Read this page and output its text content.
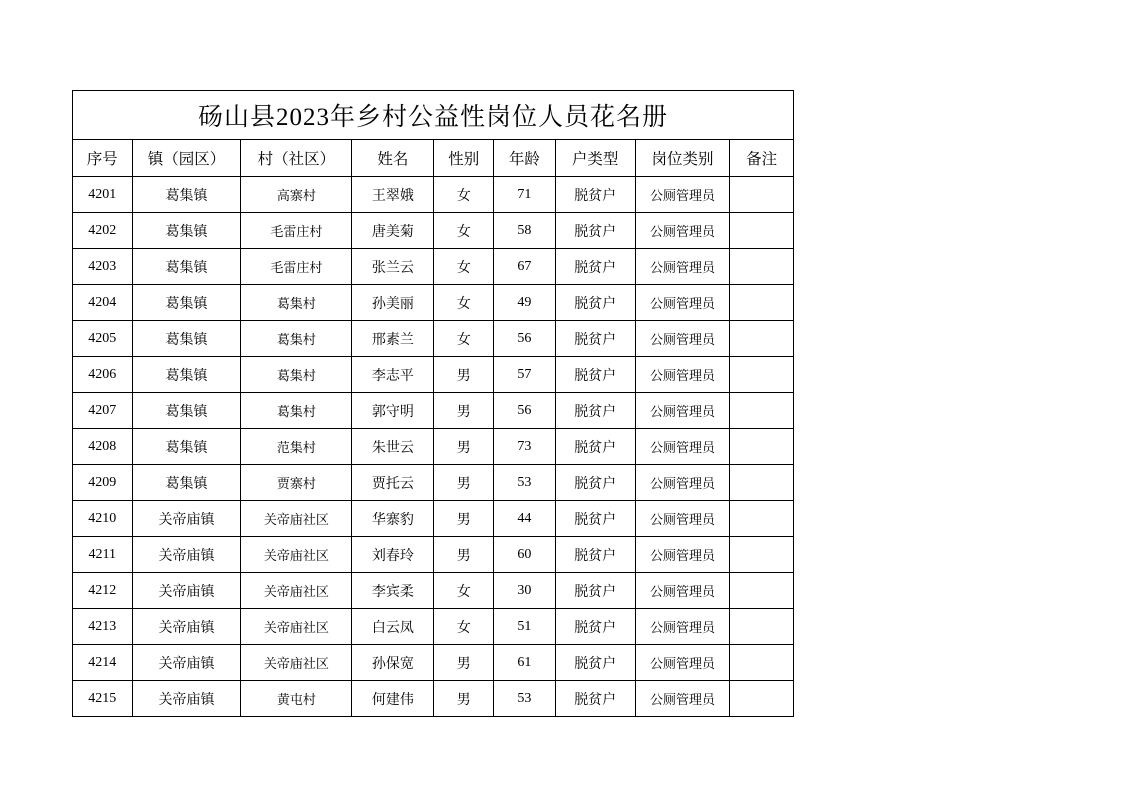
砀山县2023年乡村公益性岗位人员花名册								
序号	镇（园区）	村（社区）	姓名	性别	年龄	户类型	岗位类别	备注
4201	葛集镇	高寨村	王翠娥	女	71	脱贫户	公厕管理员	
4202	葛集镇	毛雷庄村	唐美菊	女	58	脱贫户	公厕管理员	
4203	葛集镇	毛雷庄村	张兰云	女	67	脱贫户	公厕管理员	
4204	葛集镇	葛集村	孙美丽	女	49	脱贫户	公厕管理员	
4205	葛集镇	葛集村	邢素兰	女	56	脱贫户	公厕管理员	
4206	葛集镇	葛集村	李志平	男	57	脱贫户	公厕管理员	
4207	葛集镇	葛集村	郭守明	男	56	脱贫户	公厕管理员	
4208	葛集镇	范集村	朱世云	男	73	脱贫户	公厕管理员	
4209	葛集镇	贾寨村	贾托云	男	53	脱贫户	公厕管理员	
4210	关帝庙镇	关帝庙社区	华寨豹	男	44	脱贫户	公厕管理员	
4211	关帝庙镇	关帝庙社区	刘春玲	男	60	脱贫户	公厕管理员	
4212	关帝庙镇	关帝庙社区	李宾柔	女	30	脱贫户	公厕管理员	
4213	关帝庙镇	关帝庙社区	白云凤	女	51	脱贫户	公厕管理员	
4214	关帝庙镇	关帝庙社区	孙保宽	男	61	脱贫户	公厕管理员	
4215	关帝庙镇	黄屯村	何建伟	男	53	脱贫户	公厕管理员	
